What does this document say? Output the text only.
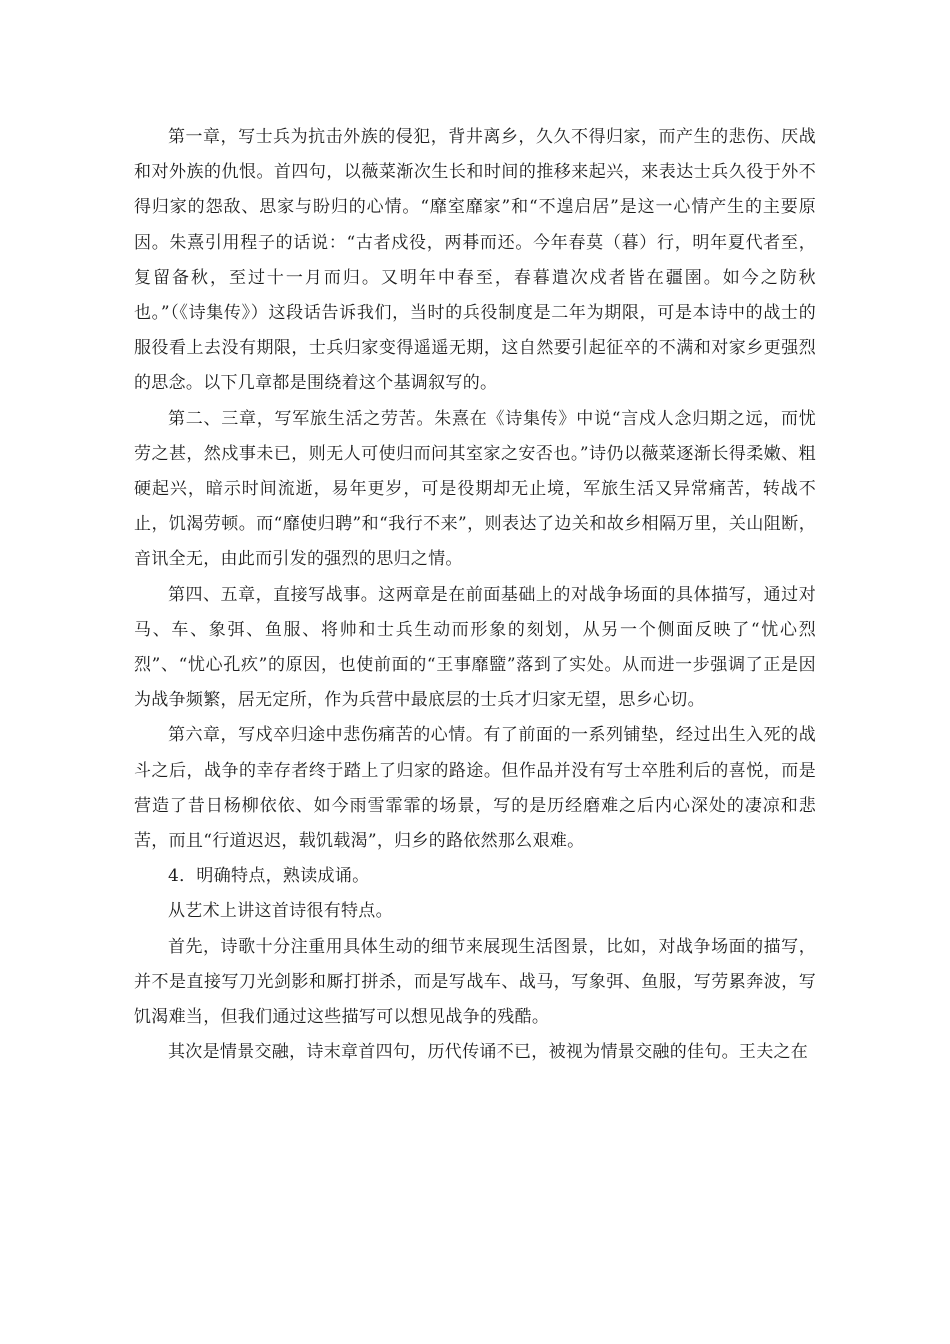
第一章，写士兵为抗击外族的侵犯，背井离乡，久久不得归家，而产生的悲伤、厌战和对外族的仇恨。首四句，以薇菜渐次生长和时间的推移来起兴，来表达士兵久役于外不得归家的怨敌、思家与盼归的心情。“靡室靡家”和“不遑启居”是这一心情产生的主要原因。朱熹引用程子的话说：“古者戍役，两朞而还。今年春莫（暮）行，明年夏代者至，复留备秋，至过十一月而归。又明年中春至，春暮遣次戍者皆在疆圉。如今之防秋也。”（《诗集传》）这段话告诉我们，当时的兵役制度是二年为期限，可是本诗中的战士的服役看上去没有期限，士兵归家变得遥遥无期，这自然要引起征卒的不满和对家乡更强烈的思念。以下几章都是围绕着这个基调叙写的。

第二、三章，写军旅生活之劳苦。朱熹在《诗集传》中说“言戍人念归期之远，而忧劳之甚，然戍事未已，则无人可使归而问其室家之安否也。”诗仍以薇菜逐渐长得柔嫩、粗硬起兴，暗示时间流逝，易年更岁，可是役期却无止境，军旅生活又异常痛苦，转战不止，饥渴劳顿。而“靡使归聘”和“我行不来”，则表达了边关和故乡相隔万里，关山阻断，音讯全无，由此而引发的强烈的思归之情。

第四、五章，直接写战事。这两章是在前面基础上的对战争场面的具体描写，通过对马、车、象弭、鱼服、将帅和士兵生动而形象的刻划，从另一个侧面反映了“忧心烈烈”、“忧心孔疚”的原因，也使前面的“王事靡盬”落到了实处。从而进一步强调了正是因为战争频繁，居无定所，作为兵营中最底层的士兵才归家无望，思乡心切。

第六章，写戍卒归途中悲伤痛苦的心情。有了前面的一系列铺垫，经过出生入死的战斗之后，战争的幸存者终于踏上了归家的路途。但作品并没有写士卒胜利后的喜悦，而是营造了昔日杨柳依依、如今雨雪霏霏的场景，写的是历经磨难之后内心深处的凄凉和悲苦，而且“行道迟迟，载饥载渴”，归乡的路依然那么艰难。

4．明确特点，熟读成诵。

从艺术上讲这首诗很有特点。

首先，诗歌十分注重用具体生动的细节来展现生活图景，比如，对战争场面的描写，并不是直接写刀光剑影和厮打拼杀，而是写战车、战马，写象弭、鱼服，写劳累奔波，写饥渴难当，但我们通过这些描写可以想见战争的残酷。

其次是情景交融，诗末章首四句，历代传诵不已，被视为情景交融的佳句。王夫之在
